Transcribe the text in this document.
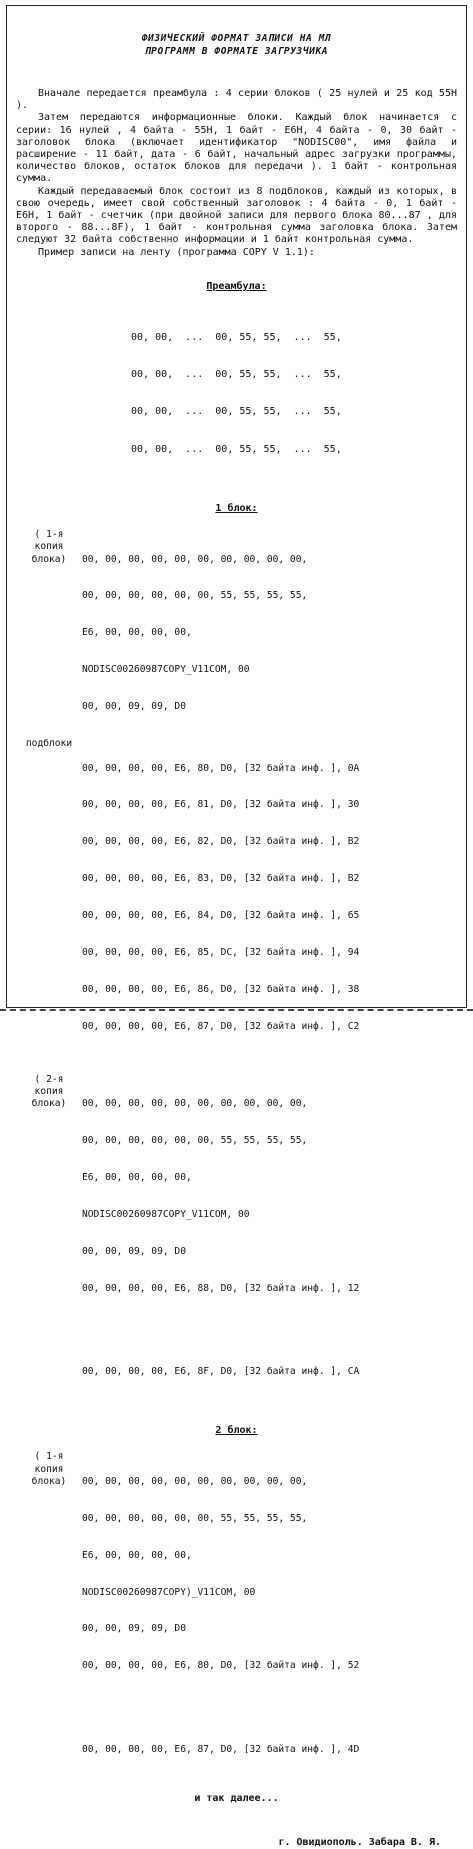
ФИЗИЧЕСКИЙ ФОРМАТ ЗАПИСИ НА МЛ
ПРОГРАММ В ФОРМАТЕ ЗАГРУЗЧИКА

Вначале передается преамбула : 4 серии блоков ( 25 нулей и 25 код 55H ).

Затем передаются информационные блоки. Каждый блок начинается с серии: 16 нулей , 4 байта - 55H, 1 байт - E6H, 4 байта - 0, 30 байт - заголовок блока (включает идентификатор "NODISC00", имя файла и расширение - 11 байт, дата - 6 байт, начальный адрес загрузки программы, количество блоков, остаток блоков для передачи ). 1 байт - контрольная сумма.

Каждый передаваемый блок состоит из 8 подблоков, каждый из которых, в свою очередь, имеет свой собственный заголовок : 4 байта - 0, 1 байт - E6H, 1 байт - счетчик (при двойной записи для первого блока 80...87 , для второго - 88...8F), 1 байт - контрольная сумма заголовка блока. Затем следуют 32 байта собственно информации и 1 байт контрольная сумма.

Пример записи на ленту (программа COPY V 1.1):

Преамбула:

00, 00,  ...  00, 55, 55,  ...  55,

00, 00,  ...  00, 55, 55,  ...  55,

00, 00,  ...  00, 55, 55,  ...  55,

00, 00,  ...  00, 55, 55,  ...  55,

1 блок:
( 1-я
копия
блока)

	00, 00, 00, 00, 00, 00, 00, 00, 00, 00,

00, 00, 00, 00, 00, 00, 55, 55, 55, 55,

E6, 00, 00, 00, 00,

NODISC00260987COPY_V11COM, 00

00, 00, 09, 09, D0

подблоки

00, 00, 00, 00, E6, 80, D0, [32 байта инф. ], 0A

00, 00, 00, 00, E6, 81, D0, [32 байта инф. ], 30

00, 00, 00, 00, E6, 82, D0, [32 байта инф. ], B2

00, 00, 00, 00, E6, 83, D0, [32 байта инф. ], B2

00, 00, 00, 00, E6, 84, D0, [32 байта инф. ], 65

00, 00, 00, 00, E6, 85, DC, [32 байта инф. ], 94

00, 00, 00, 00, E6, 86, D0, [32 байта инф. ], 38

00, 00, 00, 00, E6, 87, D0, [32 байта инф. ], C2

( 2-я
копия
блока)

	00, 00, 00, 00, 00, 00, 00, 00, 00, 00,

00, 00, 00, 00, 00, 00, 55, 55, 55, 55,

E6, 00, 00, 00, 00,

NODISC00260987COPY_V11COM, 00

00, 00, 09, 09, D0

00, 00, 00, 00, E6, 88, D0, [32 байта инф. ], 12

00, 00, 00, 00, E6, 8F, D0, [32 байта инф. ], CA

2 блок:
( 1-я
копия
блока)

	00, 00, 00, 00, 00, 00, 00, 00, 00, 00,

00, 00, 00, 00, 00, 00, 55, 55, 55, 55,

E6, 00, 00, 00, 00,

NODISC00260987COPY)_V11COM, 00

00, 00, 09, 09, D0

00, 00, 00, 00, E6, 80, D0, [32 байта инф. ], 52

00, 00, 00, 00, E6, 87, D0, [32 байта инф. ], 4D

и так далее...
г. Овидиополь. Забара В. Я.
